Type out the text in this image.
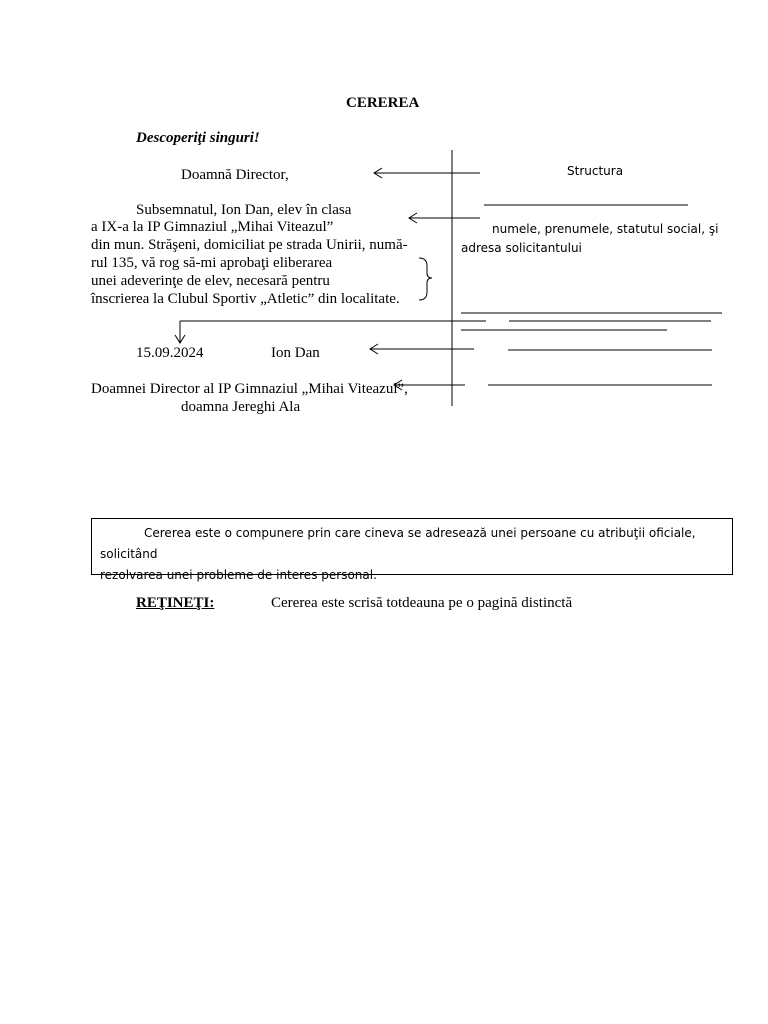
CEREREA
Descoperiţi singuri!
Doamnă Director,
Subsemnatul, Ion Dan, elev în clasa
a IX-a la IP Gimnaziul „Mihai Viteazul”
din mun. Străşeni, domiciliat pe strada Unirii, numă-
rul 135, vă rog să-mi aprobaţi eliberarea
unei adeverinţe de elev, necesară pentru
înscrierea la Clubul Sportiv „Atletic” din localitate.
15.09.2024	Ion Dan
Doamnei Director al IP Gimnaziul „Mihai Viteazul”,
doamna Jereghi Ala
Structura
numele, prenumele, statutul social, şi
adresa solicitantului
Cererea este o compunere prin care cineva se adresează unei persoane cu atribuţii oficiale, solicitând
rezolvarea unei probleme de interes personal.
REŢINEŢI:	Cererea este scrisă totdeauna pe o pagină distinctă
